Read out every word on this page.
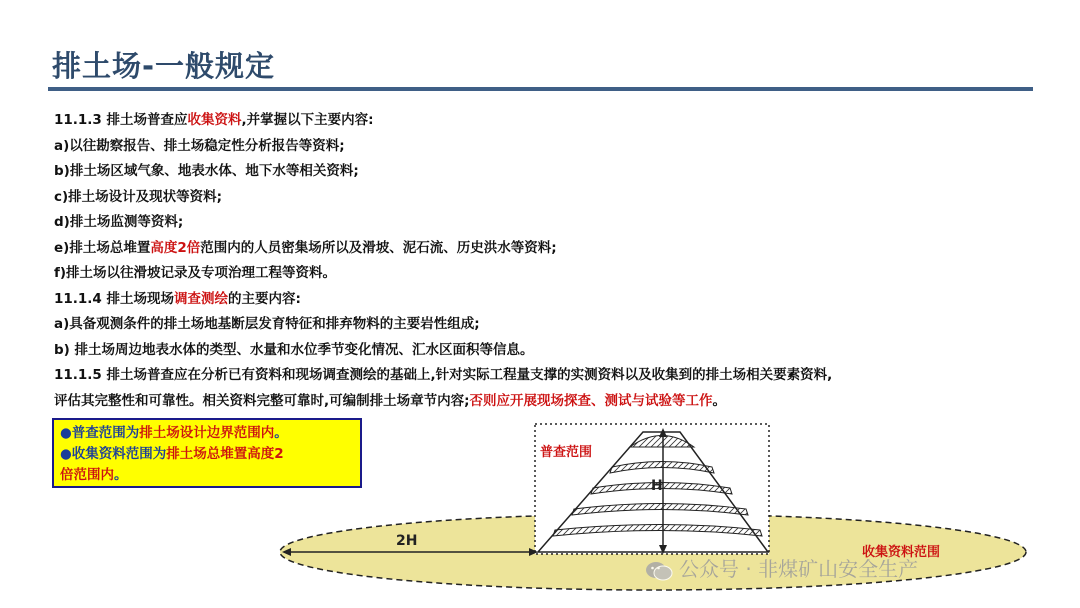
排土场-一般规定
11.1.3 排土场普查应收集资料,并掌握以下主要内容:
a)以往勘察报告、排土场稳定性分析报告等资料;
b)排土场区域气象、地表水体、地下水等相关资料;
c)排土场设计及现状等资料;
d)排土场监测等资料;
e)排土场总堆置高度2倍范围内的人员密集场所以及滑坡、泥石流、历史洪水等资料;
f)排土场以往滑坡记录及专项治理工程等资料。
11.1.4 排土场现场调查测绘的主要内容:
a)具备观测条件的排土场地基断层发育特征和排弃物料的主要岩性组成;
b) 排土场周边地表水体的类型、水量和水位季节变化情况、汇水区面积等信息。
11.1.5 排土场普查应在分析已有资料和现场调查测绘的基础上,针对实际工程量支撑的实测资料以及收集到的排土场相关要素资料,
评估其完整性和可靠性。相关资料完整可靠时,可编制排土场章节内容;否则应开展现场探查、测试与试验等工作。
●普查范围为排土场设计边界范围内。
●收集资料范围为排土场总堆置高度2
倍范围内。
普查范围
H
2H
收集资料范围
公众号 · 非煤矿山安全生产
